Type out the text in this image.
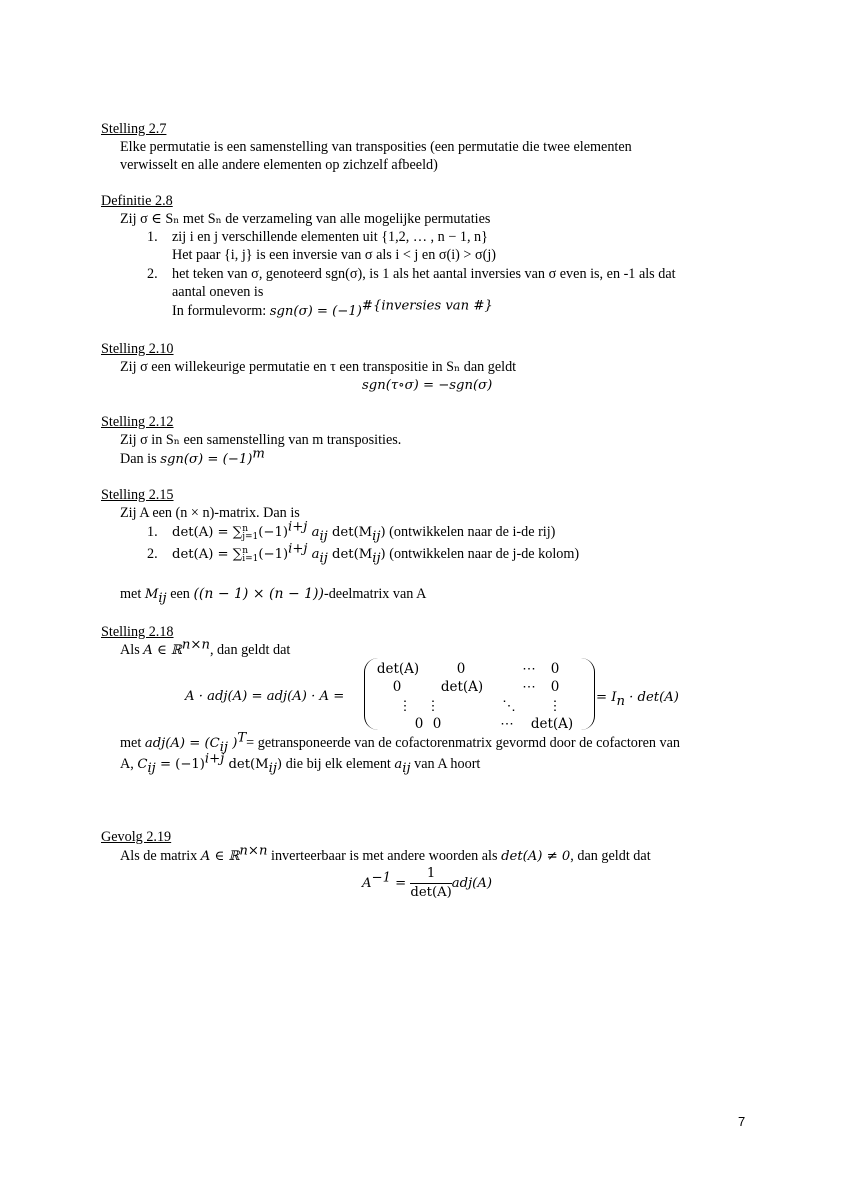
Stelling 2.7
Elke permutatie is een samenstelling van transposities (een permutatie die twee elementen
verwisselt en alle andere elementen op zichzelf afbeeld)
Definitie 2.8
Zij σ ∈ Sₙ met Sₙ de verzameling van alle mogelijke permutaties
1. zij i en j verschillende elementen uit {1,2, … , n − 1, n}
Het paar {i, j} is een inversie van σ als i < j en σ(i) > σ(j)
2. het teken van σ, genoteerd sgn(σ), is 1 als het aantal inversies van σ even is, en -1 als dat
aantal oneven is
In formulevorm: $sgn(\sigma) = (-1)^{\#\{inversies van \#\}}$
Stelling 2.10
Zij σ een willekeurige permutatie en τ een transpositie in Sₙ dan geldt
sgn(τ∘σ) = −sgn(σ)
Stelling 2.12
Zij σ in Sₙ een samenstelling van m transposities.
Dan is $sgn(\sigma) = (-1)^m$
Stelling 2.15
Zij A een (n × n)-matrix. Dan is
1. det(A) = ∑ n
j=1 $(-1)^{i+j}$ $a_{ij}$ $\det(M_{ij})$ (ontwikkelen naar de i-de rij)
2. det(A) = ∑ n
i=1 $(-1)^{i+j}$ $a_{ij}$ $\det(M_{ij})$ (ontwikkelen naar de j-de kolom)
met $M_{ij}$ een ((n − 1) × (n − 1))-deelmatrix van A
Stelling 2.18
Als A ∈ ℝ$^{n\times n}$, dan geldt dat
A · adj(A) = adj(A) · A =
det(A)	0	⋯	0
0	det(A)	⋯	0
⋮ ⋮	⋱ ⋮
0 0	⋯	det(A)
= $I_n \cdot \det(A)$
met $adj(A) = (C_{ij}$ )$^T$= getransponeerde van de cofactorenmatrix gevormd door de cofactoren van
A, $C_{ij} = (-1)^{i+j}$ $\det(M_{ij})$ die bij elk element $a_{ij}$ van A hoort
Gevolg 2.19
Als de matrix A ∈ ℝ$^{n\times n}$ inverteerbaar is met andere woorden als det(A) ≠ 0, dan geldt dat
$A^{-1} = \frac{1}{\det(A)} adj(A)$
7
